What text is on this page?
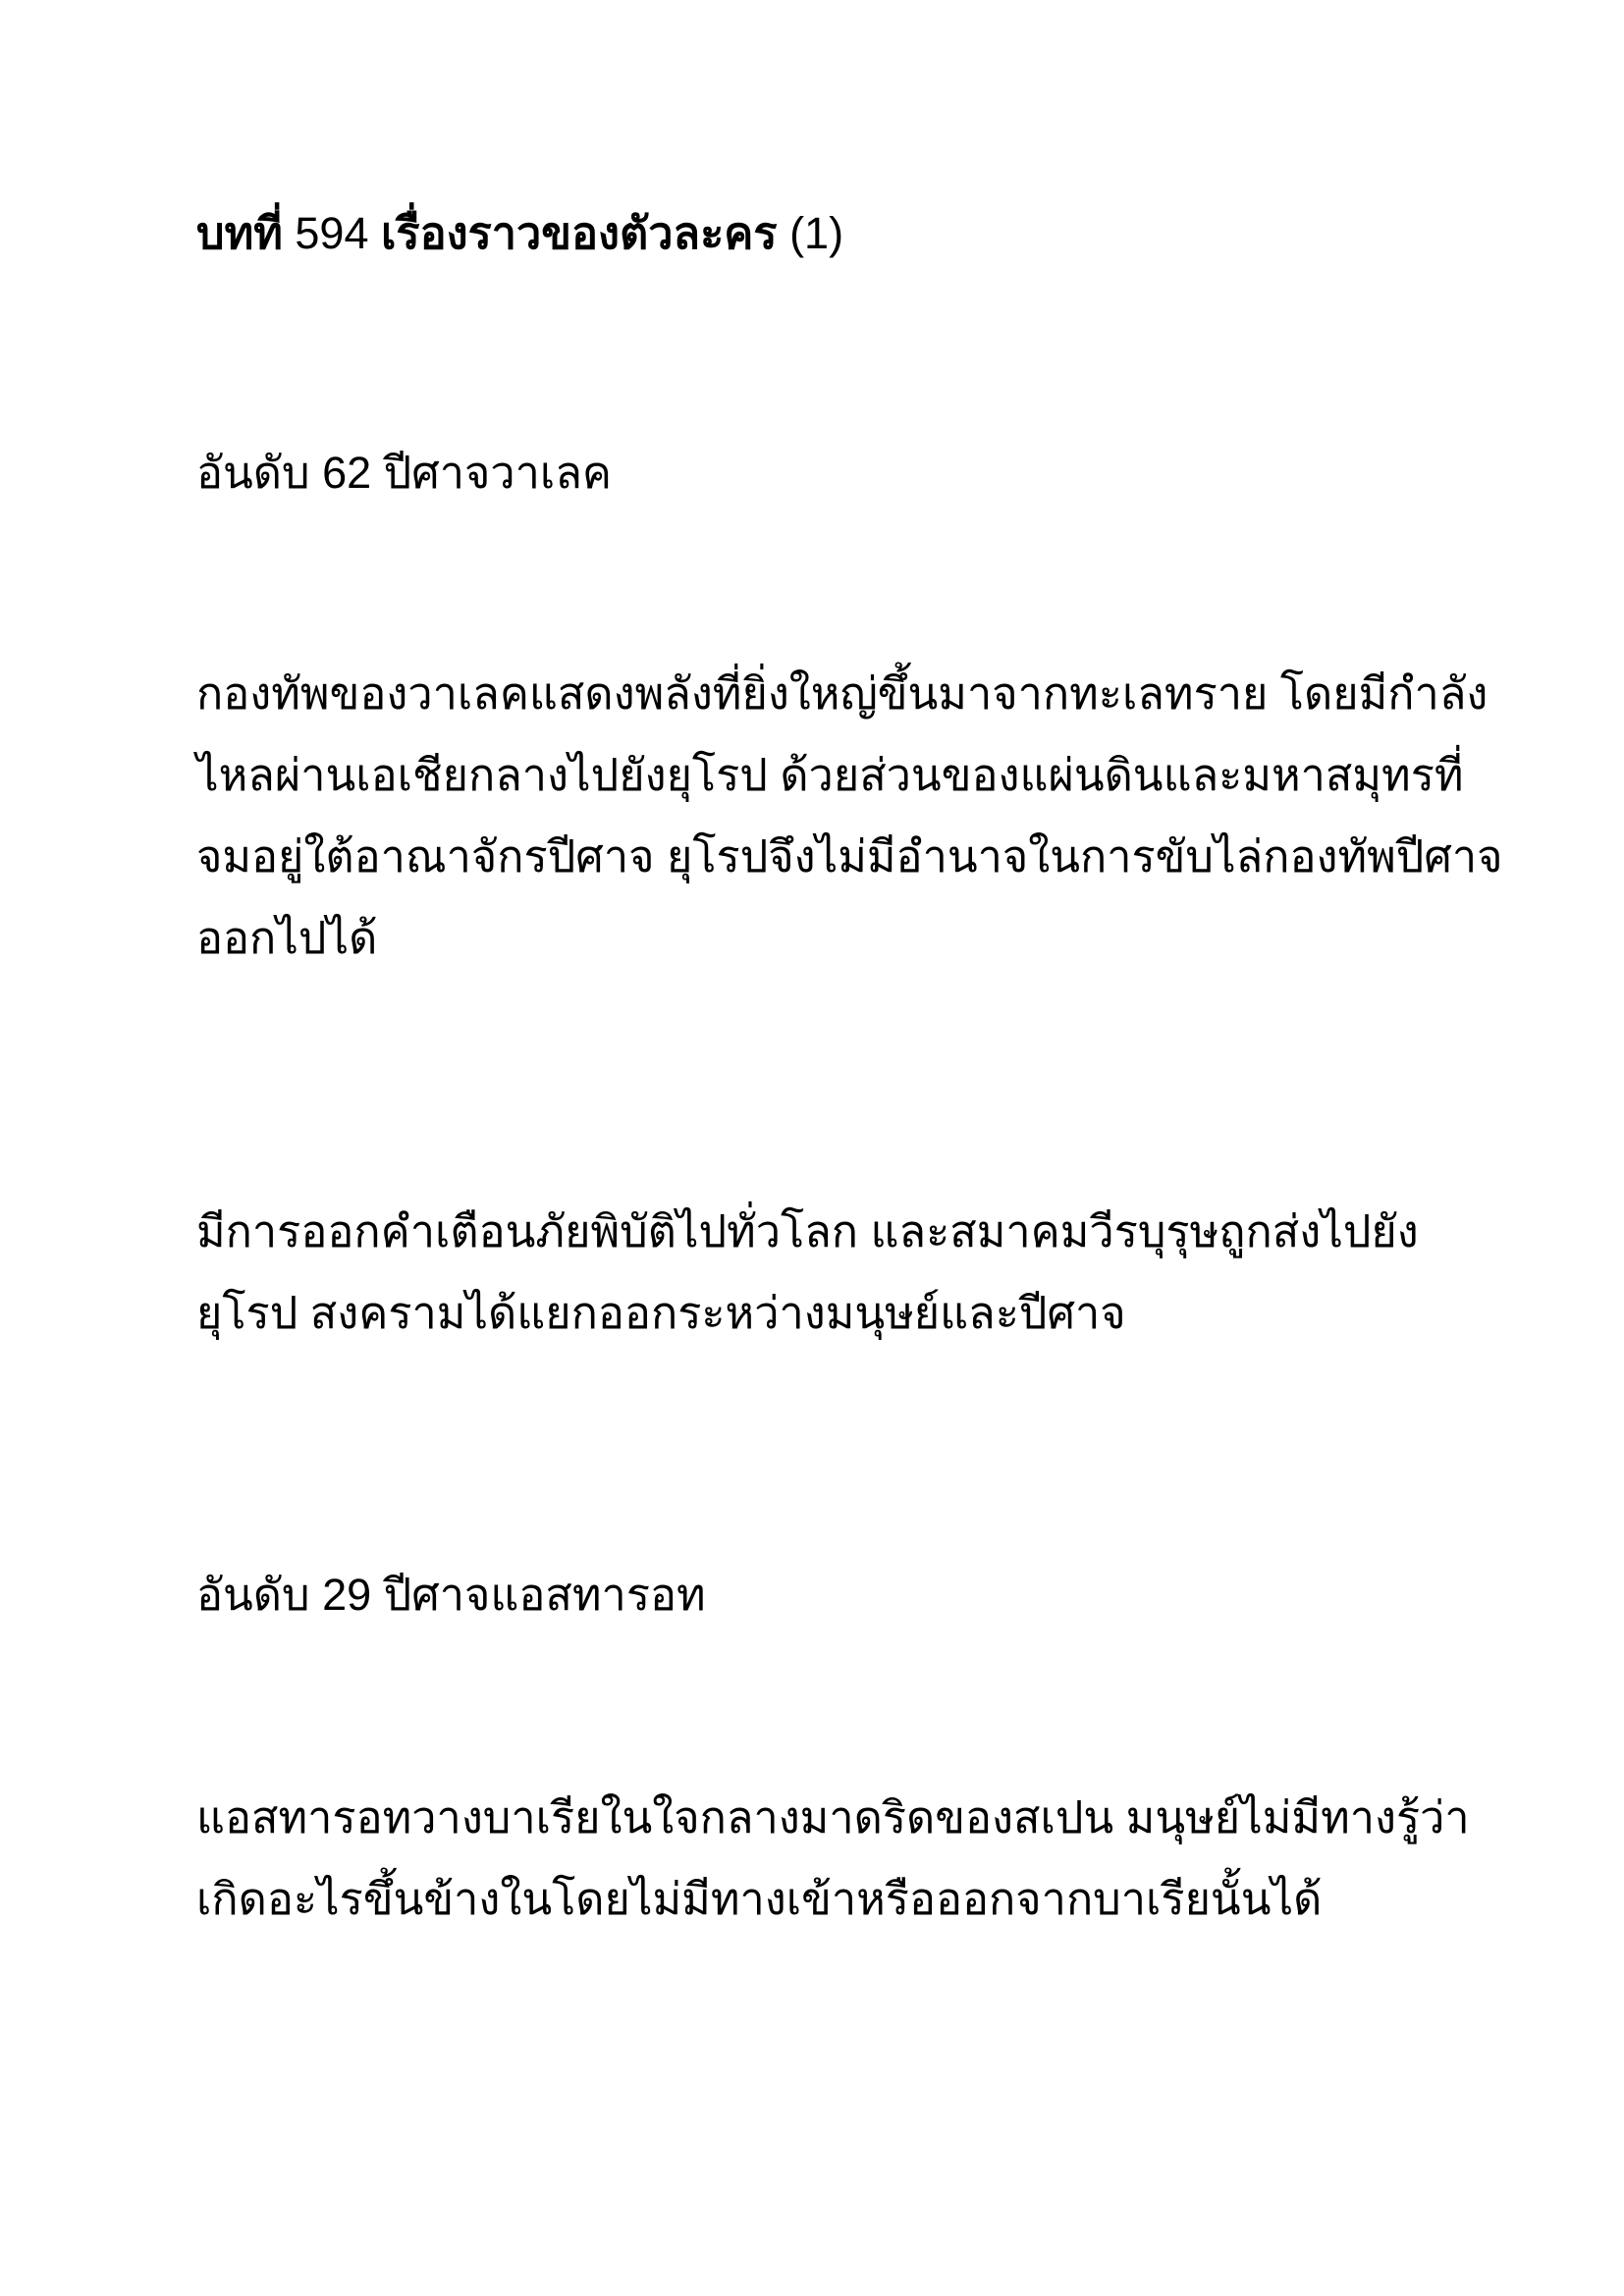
บทที่ 594 เรื่องราวของตัวละคร (1)

อันดับ 62 ปีศาจวาเลค

กองทัพของวาเลคแสดงพลังที่ยิ่งใหญ่ขึ้นมาจากทะเลทราย โดยมีกำลัง
ไหลผ่านเอเชียกลางไปยังยุโรป ด้วยส่วนของแผ่นดินและมหาสมุทรที่
จมอยู่ใต้อาณาจักรปีศาจ ยุโรปจึงไม่มีอำนาจในการขับไล่กองทัพปีศาจ
ออกไปได้

มีการออกคำเตือนภัยพิบัติไปทั่วโลก และสมาคมวีรบุรุษถูกส่งไปยัง
ยุโรป สงครามได้แยกออกระหว่างมนุษย์และปีศาจ

อันดับ 29 ปีศาจแอสทารอท

แอสทารอทวางบาเรียในใจกลางมาดริดของสเปน มนุษย์ไม่มีทางรู้ว่า
เกิดอะไรขึ้นข้างในโดยไม่มีทางเข้าหรือออกจากบาเรียนั้นได้
